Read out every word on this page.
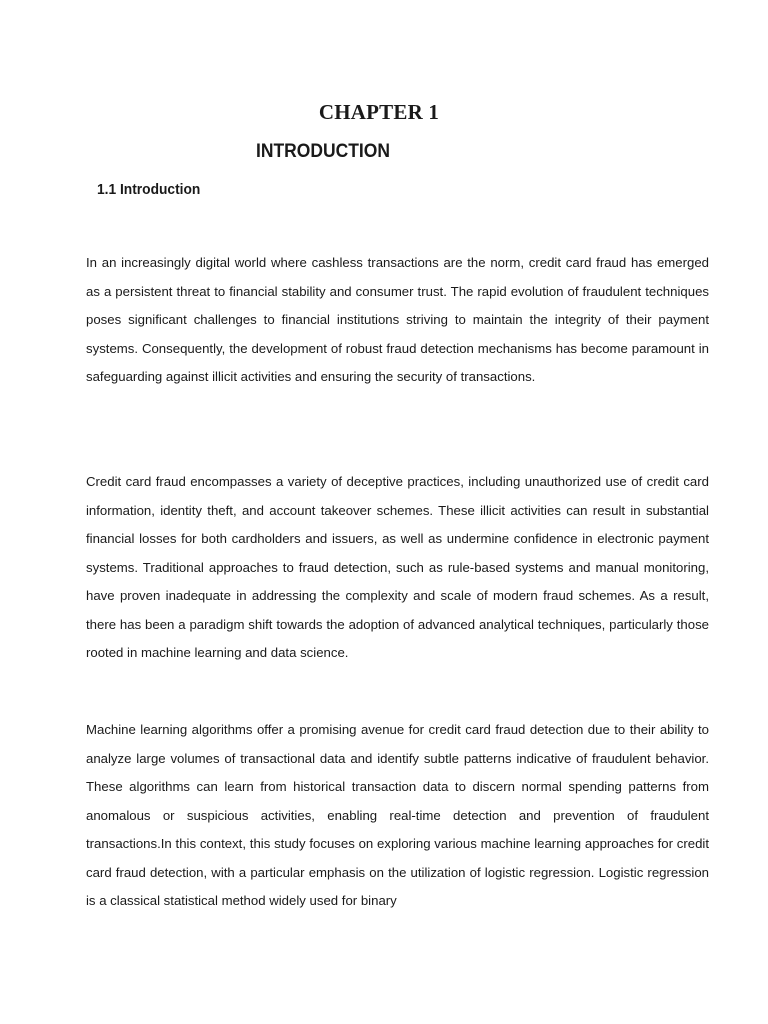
CHAPTER 1
INTRODUCTION
1.1 Introduction

In an increasingly digital world where cashless transactions are the norm, credit card fraud has emerged as a persistent threat to financial stability and consumer trust. The rapid evolution of fraudulent techniques poses significant challenges to financial institutions striving to maintain the integrity of their payment systems. Consequently, the development of robust fraud detection mechanisms has become paramount in safeguarding against illicit activities and ensuring the security of transactions.

Credit card fraud encompasses a variety of deceptive practices, including unauthorized use of credit card information, identity theft, and account takeover schemes. These illicit activities can result in substantial financial losses for both cardholders and issuers, as well as undermine confidence in electronic payment systems. Traditional approaches to fraud detection, such as rule-based systems and manual monitoring, have proven inadequate in addressing the complexity and scale of modern fraud schemes. As a result, there has been a paradigm shift towards the adoption of advanced analytical techniques, particularly those rooted in machine learning and data science.

Machine learning algorithms offer a promising avenue for credit card fraud detection due to their ability to analyze large volumes of transactional data and identify subtle patterns indicative of fraudulent behavior. These algorithms can learn from historical transaction data to discern normal spending patterns from anomalous or suspicious activities, enabling real-time detection and prevention of fraudulent transactions.In this context, this study focuses on exploring various machine learning approaches for credit card fraud detection, with a particular emphasis on the utilization of logistic regression. Logistic regression is a classical statistical method widely used for binary
